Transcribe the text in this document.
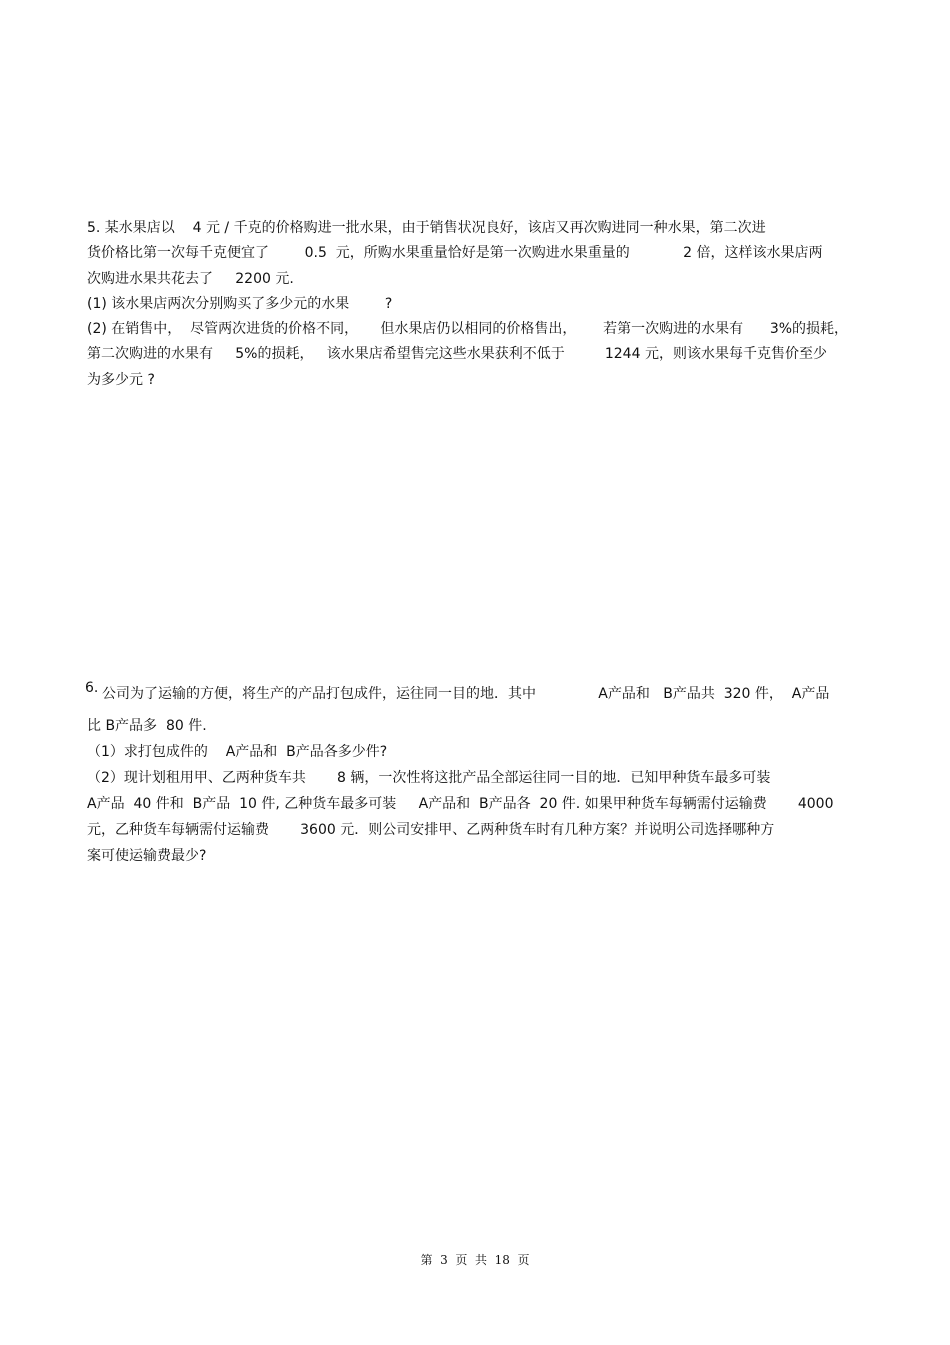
5. 某水果店以    4 元 / 千克的价格购进一批水果，由于销售状况良好，该店又再次购进同一种水果，第二次进
货价格比第一次每千克便宜了        0.5  元，所购水果重量恰好是第一次购进水果重量的            2 倍，这样该水果店两
次购进水果共花去了     2200 元.
(1) 该水果店两次分别购买了多少元的水果        ?
(2) 在销售中，  尽管两次进货的价格不同，     但水果店仍以相同的价格售出，      若第一次购进的水果有      3%的损耗，
第二次购进的水果有     5%的损耗，   该水果店希望售完这些水果获利不低于         1244 元，则该水果每千克售价至少
为多少元 ?
6. 公司为了运输的方便，将生产的产品打包成件，运往同一目的地．其中              A产品和   B产品共  320 件，  A产品
比 B产品多  80 件.
（1）求打包成件的    A产品和  B产品各多少件?
（2）现计划租用甲、乙两种货车共       8 辆，一次性将这批产品全部运往同一目的地．已知甲种货车最多可装
A产品  40 件和  B产品  10 件, 乙种货车最多可装     A产品和  B产品各  20 件. 如果甲种货车每辆需付运输费       4000
元，乙种货车每辆需付运输费       3600 元．则公司安排甲、乙两种货车时有几种方案？并说明公司选择哪种方
案可使运输费最少?
第  3  页  共  18  页
